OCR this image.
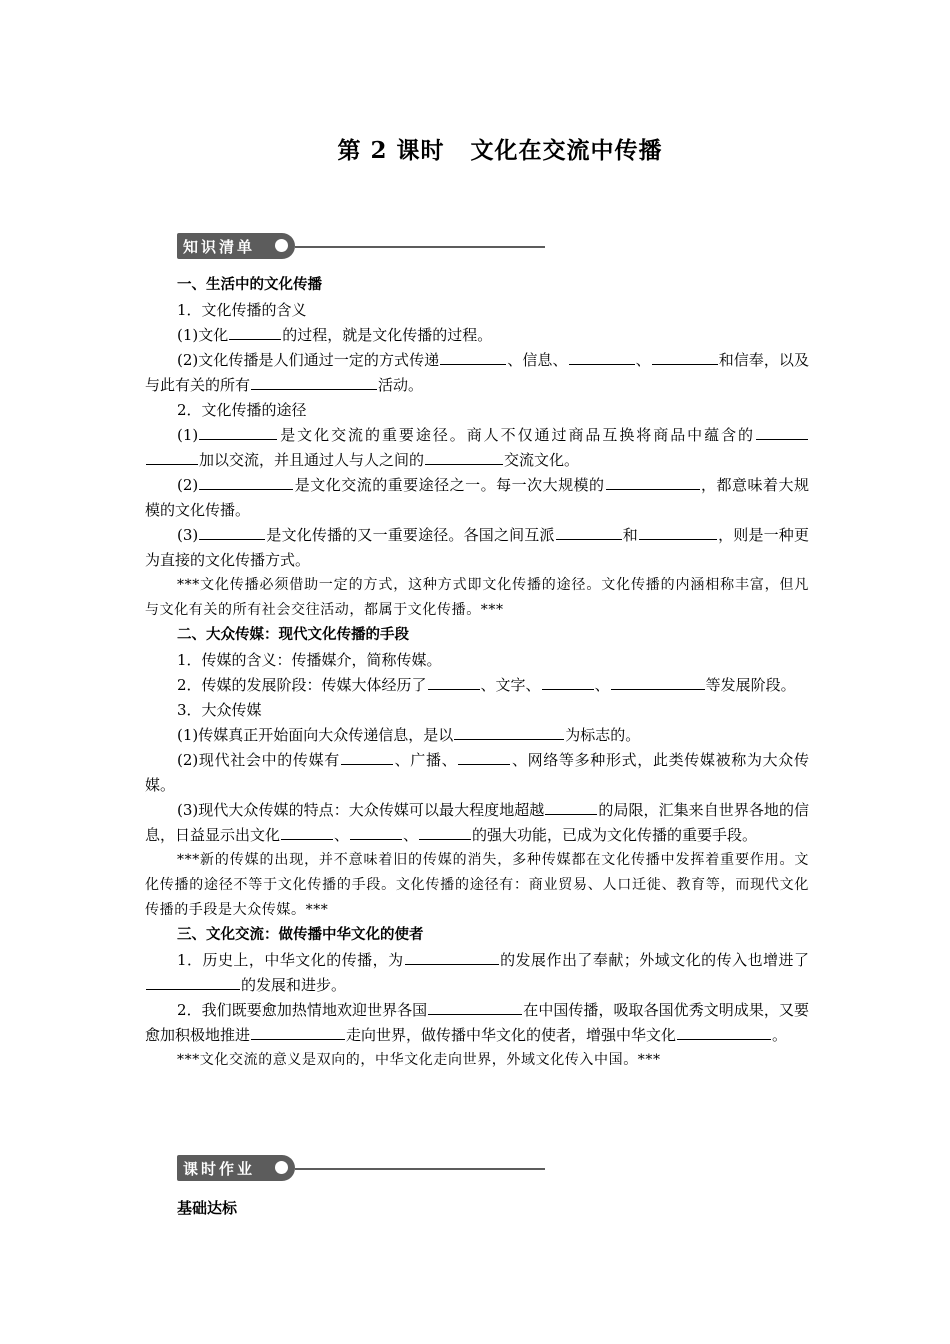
第 2 课时 文化在交流中传播
知识清单

一、生活中的文化传播

1．文化传播的含义

(1)文化	的过程，就是文化传播的过程。

(2)文化传播是人们通过一定的方式传递	、信息、	、	和信奉，以及与此有关的所有	活动。

2．文化传播的途径

(1)	是文化交流的重要途径。商人不仅通过商品互换将商品中蕴含的 加以交流，并且通过人与人之间的	交流文化。

(2)	是文化交流的重要途径之一。每一次大规模的	，都意味着大规模的文化传播。

(3)	是文化传播的又一重要途径。各国之间互派	和	，则是一种更为直接的文化传播方式。

***文化传播必须借助一定的方式，这种方式即文化传播的途径。文化传播的内涵相称丰富，但凡与文化有关的所有社会交往活动，都属于文化传播。***

二、大众传媒：现代文化传播的手段

1．传媒的含义：传播媒介，简称传媒。

2．传媒的发展阶段：传媒大体经历了	、文字、	、	等发展阶段。

3．大众传媒

(1)传媒真正开始面向大众传递信息，是以	为标志的。

(2)现代社会中的传媒有	、广播、	、网络等多种形式，此类传媒被称为大众传媒。

(3)现代大众传媒的特点：大众传媒可以最大程度地超越	的局限，汇集来自世界各地的信息，日益显示出文化	、	、	的强大功能，已成为文化传播的重要手段。

***新的传媒的出现，并不意味着旧的传媒的消失，多种传媒都在文化传播中发挥着重要作用。文化传播的途径不等于文化传播的手段。文化传播的途径有：商业贸易、人口迁徙、教育等，而现代文化传播的手段是大众传媒。***

三、文化交流：做传播中华文化的使者

1．历史上，中华文化的传播，为	的发展作出了奉献；外域文化的传入也增进了的发展和进步。

2．我们既要愈加热情地欢迎世界各国	在中国传播，吸取各国优秀文明成果，又要愈加积极地推进	走向世界，做传播中华文化的使者，增强中华文化	。

***文化交流的意义是双向的，中华文化走向世界，外域文化传入中国。***

课时作业
基础达标
